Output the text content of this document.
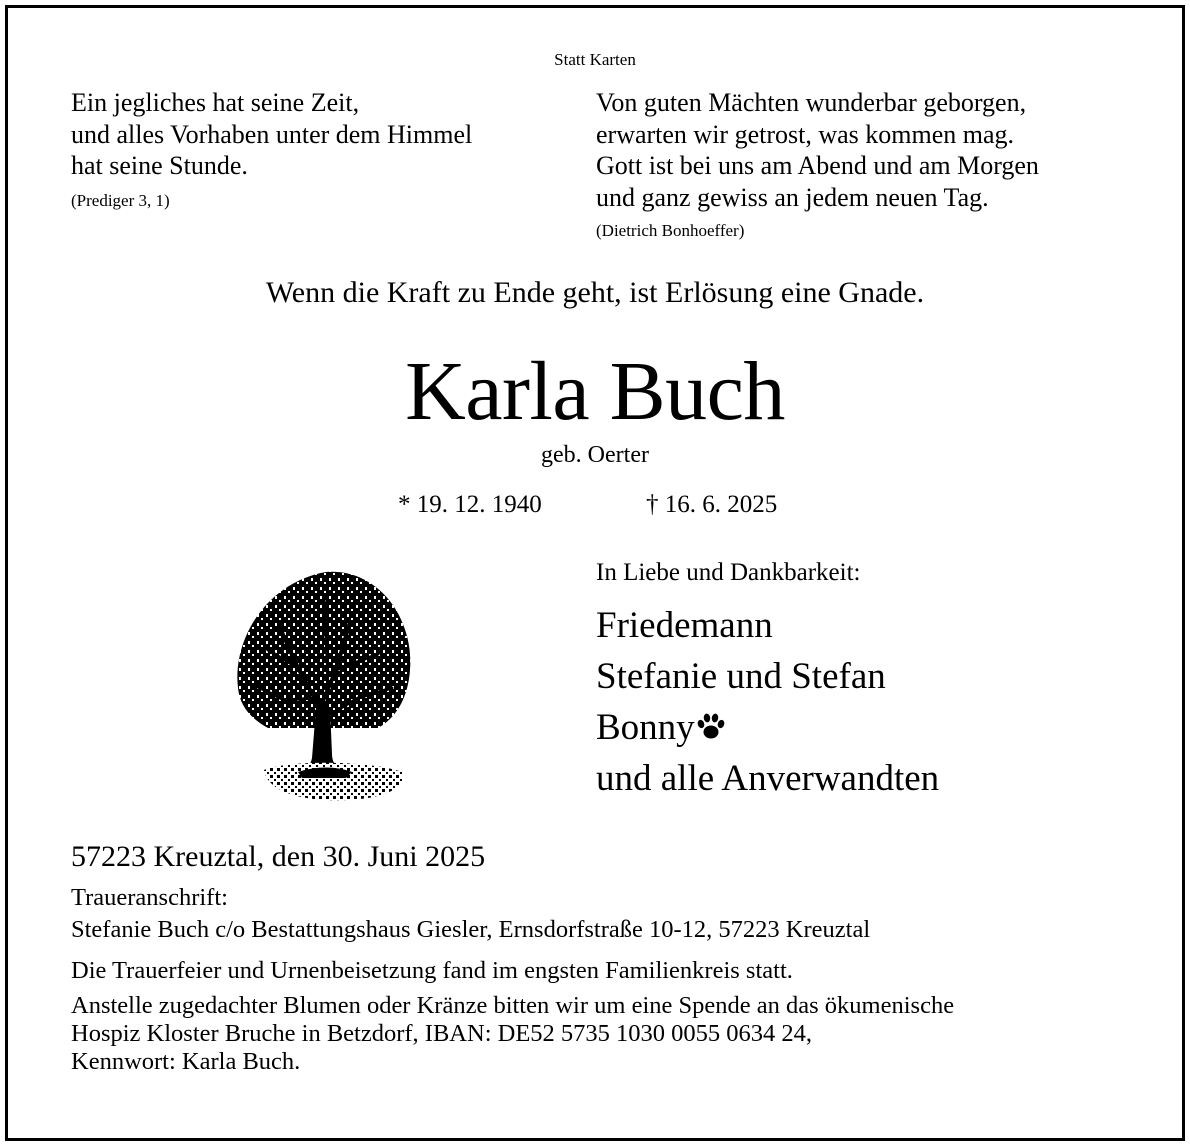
Statt Karten
Ein jegliches hat seine Zeit,
und alles Vorhaben unter dem Himmel
hat seine Stunde.
(Prediger 3, 1)
Von guten Mächten wunderbar geborgen,
erwarten wir getrost, was kommen mag.
Gott ist bei uns am Abend und am Morgen
und ganz gewiss an jedem neuen Tag.
(Dietrich Bonhoeffer)
Wenn die Kraft zu Ende geht, ist Erlösung eine Gnade.
Karla Buch
geb. Oerter
* 19. 12. 1940	† 16. 6. 2025
In Liebe und Dankbarkeit:
Friedemann
Stefanie und Stefan
Bonny
und alle Anverwandten
57223 Kreuztal, den 30. Juni 2025
Traueranschrift:
Stefanie Buch c/o Bestattungshaus Giesler, Ernsdorfstraße 10-12, 57223 Kreuztal
Die Trauerfeier und Urnenbeisetzung fand im engsten Familienkreis statt.
Anstelle zugedachter Blumen oder Kränze bitten wir um eine Spende an das ökumenische
Hospiz Kloster Bruche in Betzdorf, IBAN: DE52 5735 1030 0055 0634 24,
Kennwort: Karla Buch.
